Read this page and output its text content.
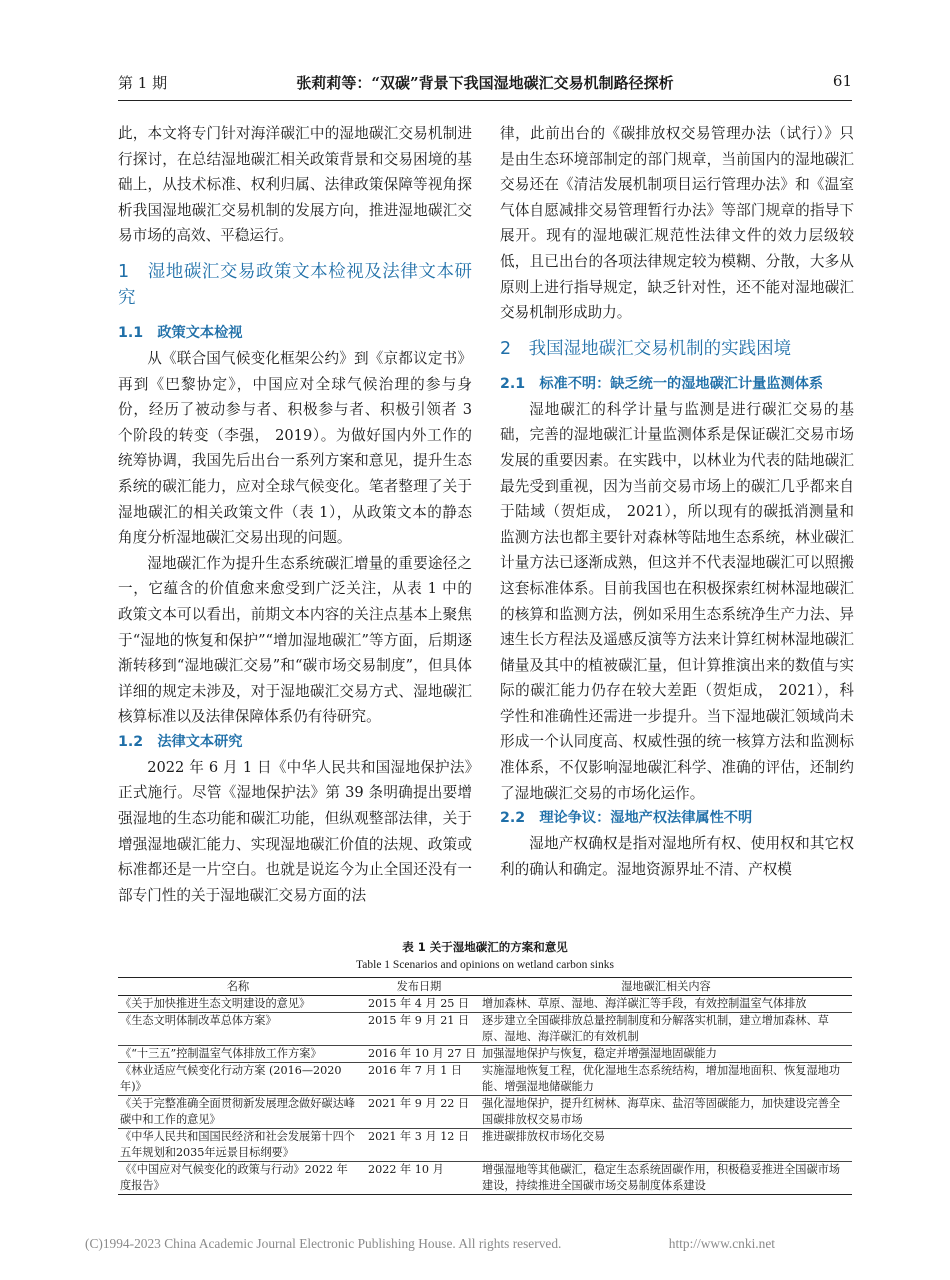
第 1 期	张莉莉等：“双碳”背景下我国湿地碳汇交易机制路径探析	61

此，本文将专门针对海洋碳汇中的湿地碳汇交易机制进行探讨，在总结湿地碳汇相关政策背景和交易困境的基础上，从技术标准、权利归属、法律政策保障等视角探析我国湿地碳汇交易机制的发展方向，推进湿地碳汇交易市场的高效、平稳运行。

1　湿地碳汇交易政策文本检视及法律文本研究
1.1　政策文本检视

从《联合国气候变化框架公约》到《京都议定书》再到《巴黎协定》，中国应对全球气候治理的参与身份，经历了被动参与者、积极参与者、积极引领者 3 个阶段的转变（李强， 2019）。为做好国内外工作的统筹协调，我国先后出台一系列方案和意见，提升生态系统的碳汇能力，应对全球气候变化。笔者整理了关于湿地碳汇的相关政策文件（表 1），从政策文本的静态角度分析湿地碳汇交易出现的问题。

湿地碳汇作为提升生态系统碳汇增量的重要途径之一，它蕴含的价值愈来愈受到广泛关注，从表 1 中的政策文本可以看出，前期文本内容的关注点基本上聚焦于“湿地的恢复和保护”“增加湿地碳汇”等方面，后期逐渐转移到“湿地碳汇交易”和“碳市场交易制度”，但具体详细的规定未涉及，对于湿地碳汇交易方式、湿地碳汇核算标准以及法律保障体系仍有待研究。

1.2　法律文本研究

2022 年 6 月 1 日《中华人民共和国湿地保护法》正式施行。尽管《湿地保护法》第 39 条明确提出要增强湿地的生态功能和碳汇功能，但纵观整部法律，关于增强湿地碳汇能力、实现湿地碳汇价值的法规、政策或标准都还是一片空白。也就是说迄今为止全国还没有一部专门性的关于湿地碳汇交易方面的法

律，此前出台的《碳排放权交易管理办法（试行）》只是由生态环境部制定的部门规章，当前国内的湿地碳汇交易还在《清洁发展机制项目运行管理办法》和《温室气体自愿减排交易管理暂行办法》等部门规章的指导下展开。现有的湿地碳汇规范性法律文件的效力层级较低，且已出台的各项法律规定较为模糊、分散，大多从原则上进行指导规定，缺乏针对性，还不能对湿地碳汇交易机制形成助力。

2　我国湿地碳汇交易机制的实践困境
2.1　标准不明：缺乏统一的湿地碳汇计量监测体系

湿地碳汇的科学计量与监测是进行碳汇交易的基础，完善的湿地碳汇计量监测体系是保证碳汇交易市场发展的重要因素。在实践中，以林业为代表的陆地碳汇最先受到重视，因为当前交易市场上的碳汇几乎都来自于陆域（贺炬成， 2021），所以现有的碳抵消测量和监测方法也都主要针对森林等陆地生态系统，林业碳汇计量方法已逐渐成熟，但这并不代表湿地碳汇可以照搬这套标准体系。目前我国也在积极探索红树林湿地碳汇的核算和监测方法，例如采用生态系统净生产力法、异速生长方程法及遥感反演等方法来计算红树林湿地碳汇储量及其中的植被碳汇量，但计算推演出来的数值与实际的碳汇能力仍存在较大差距（贺炬成， 2021），科学性和准确性还需进一步提升。当下湿地碳汇领域尚未形成一个认同度高、权威性强的统一核算方法和监测标准体系，不仅影响湿地碳汇科学、准确的评估，还制约了湿地碳汇交易的市场化运作。

2.2　理论争议：湿地产权法律属性不明

湿地产权确权是指对湿地所有权、使用权和其它权利的确认和确定。湿地资源界址不清、产权模

表 1 关于湿地碳汇的方案和意见
Table 1 Scenarios and opinions on wetland carbon sinks
名称	发布日期	湿地碳汇相关内容
《关于加快推进生态文明建设的意见》	2015 年 4 月 25 日	增加森林、草原、湿地、海洋碳汇等手段，有效控制温室气体排放
《生态文明体制改革总体方案》	2015 年 9 月 21 日	逐步建立全国碳排放总量控制制度和分解落实机制，建立增加森林、草原、湿地、海洋碳汇的有效机制
《“十三五”控制温室气体排放工作方案》	2016 年 10 月 27 日	加强湿地保护与恢复，稳定并增强湿地固碳能力
《林业适应气候变化行动方案 (2016—2020 年)》	2016 年 7 月 1 日	实施湿地恢复工程，优化湿地生态系统结构，增加湿地面积、恢复湿地功能、增强湿地储碳能力
《关于完整准确全面贯彻新发展理念做好碳达峰碳中和工作的意见》	2021 年 9 月 22 日	强化湿地保护，提升红树林、海草床、盐沼等固碳能力，加快建设完善全国碳排放权交易市场
《中华人民共和国国民经济和社会发展第十四个五年规划和2035年远景目标纲要》	2021 年 3 月 12 日	推进碳排放权市场化交易
《《中国应对气候变化的政策与行动》2022 年度报告》	2022 年 10 月	增强湿地等其他碳汇，稳定生态系统固碳作用，积极稳妥推进全国碳市场建设，持续推进全国碳市场交易制度体系建设
(C)1994-2023 China Academic Journal Electronic Publishing House. All rights reserved.	http://www.cnki.net
